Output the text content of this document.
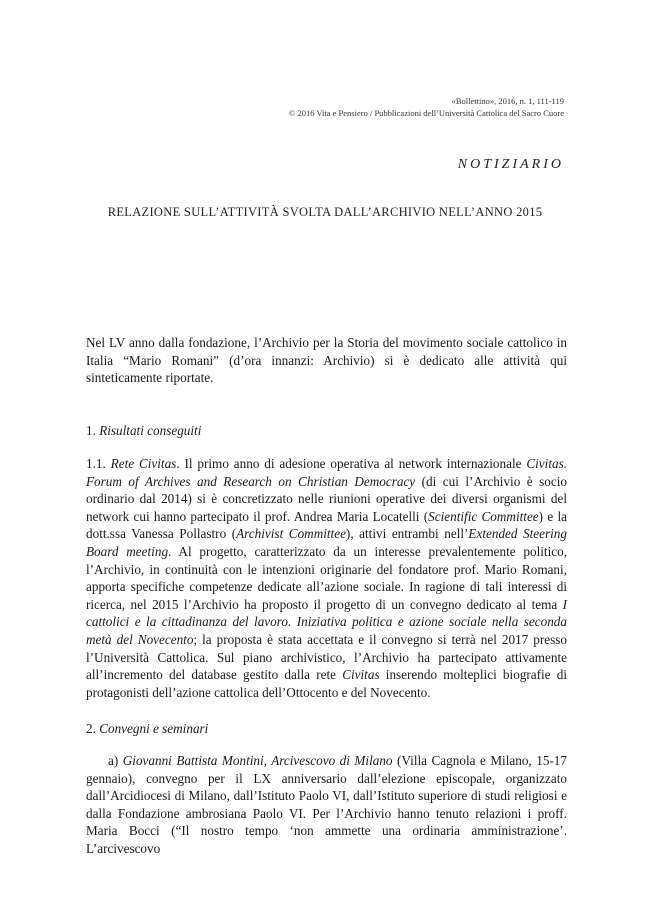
«Bollettino», 2016, n. 1, 111-119
© 2016 Vita e Pensiero / Pubblicazioni dell’Università Cattolica del Sacro Cuore
NOTIZIARIO
RELAZIONE SULL’ATTIVITÀ SVOLTA DALL’ARCHIVIO NELL’ANNO 2015

Nel LV anno dalla fondazione, l’Archivio per la Storia del movimento sociale cattolico in Italia “Mario Romani” (d’ora innanzi: Archivio) si è dedicato alle attività qui sinteticamente riportate.

1. Risultati conseguiti

1.1. Rete Civitas. Il primo anno di adesione operativa al network internazionale Civitas. Forum of Archives and Research on Christian Democracy (di cui l’Archivio è socio ordinario dal 2014) si è concretizzato nelle riunioni operative dei diversi organismi del network cui hanno partecipato il prof. Andrea Maria Locatelli (Scientific Committee) e la dott.ssa Vanessa Pollastro (Archivist Committee), attivi entrambi nell’Extended Steering Board meeting. Al progetto, caratterizzato da un interesse prevalentemente politico, l’Archivio, in continuità con le intenzioni originarie del fondatore prof. Mario Romani, apporta specifiche competenze dedicate all’azione sociale. In ragione di tali interessi di ricerca, nel 2015 l’Archivio ha proposto il progetto di un convegno dedicato al tema I cattolici e la cittadinanza del lavoro. Iniziativa politica e azione sociale nella seconda metà del Novecento; la proposta è stata accettata e il convegno si terrà nel 2017 presso l’Università Cattolica. Sul piano archivistico, l’Archivio ha partecipato attivamente all’incremento del database gestito dalla rete Civitas inserendo molteplici biografie di protagonisti dell’azione cattolica dell’Ottocento e del Novecento.

2. Convegni e seminari

a) Giovanni Battista Montini, Arcivescovo di Milano (Villa Cagnola e Milano, 15-17 gennaio), convegno per il LX anniversario dall’elezione episcopale, organizzato dall’Arcidiocesi di Milano, dall’Istituto Paolo VI, dall’Istituto superiore di studi religiosi e dalla Fondazione ambrosiana Paolo VI. Per l’Archivio hanno tenuto relazioni i proff. Maria Bocci (“Il nostro tempo ‘non ammette una ordinaria amministrazione’. L’arcivescovo
